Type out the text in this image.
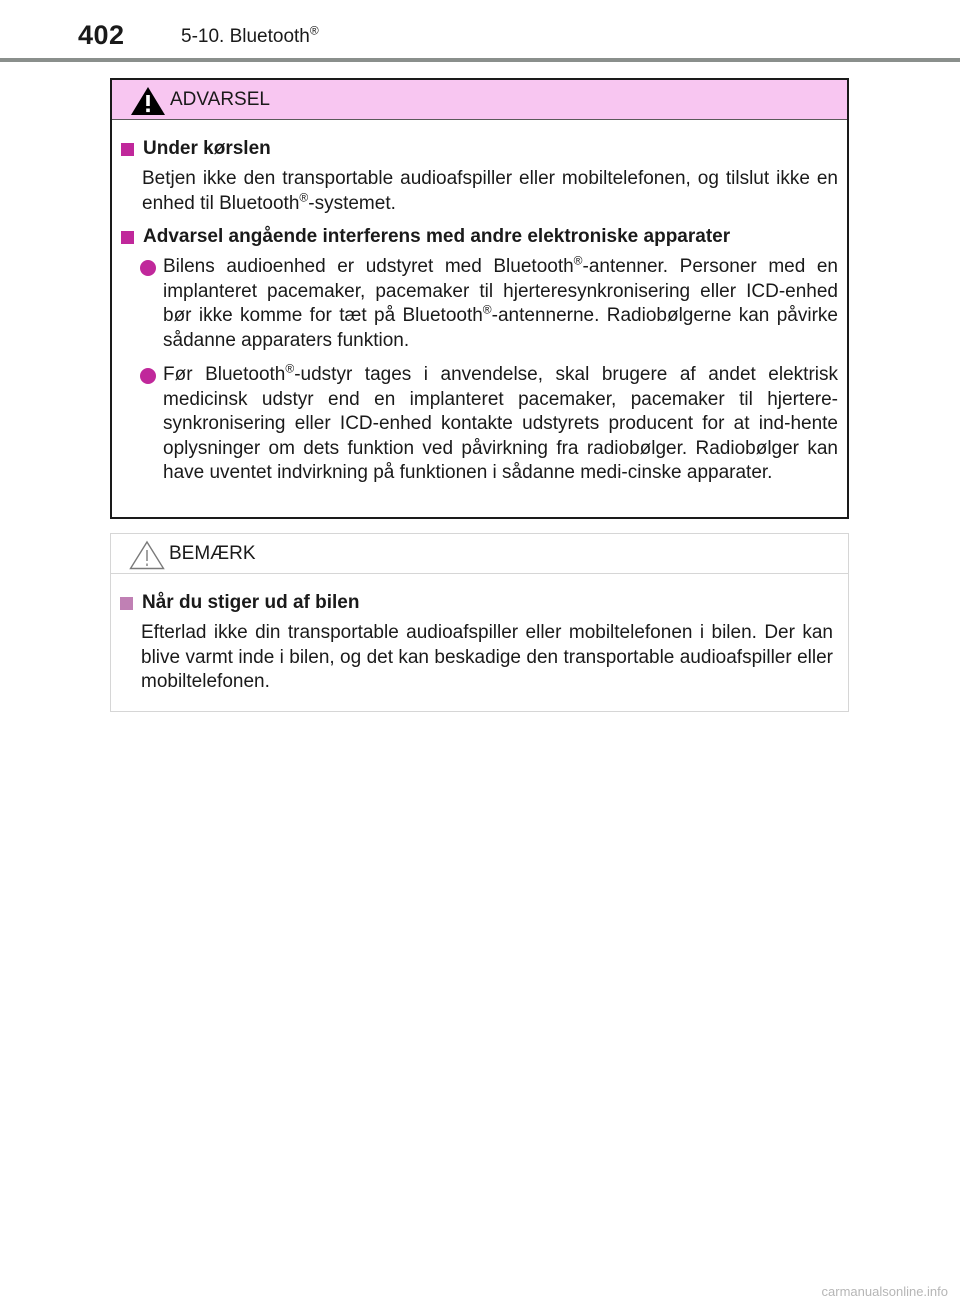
402	5-10. Bluetooth®
ADVARSEL
Under kørslen
Betjen ikke den transportable audioafspiller eller mobiltelefonen, og tilslut ikke en enhed til Bluetooth®-systemet.
Advarsel angående interferens med andre elektroniske apparater
Bilens audioenhed er udstyret med Bluetooth®-antenner. Personer med en implanteret pacemaker, pacemaker til hjerteresynkronisering eller ICD-enhed bør ikke komme for tæt på Bluetooth®-antennerne. Radiobølgerne kan påvirke sådanne apparaters funktion.
Før Bluetooth®-udstyr tages i anvendelse, skal brugere af andet elektrisk medicinsk udstyr end en implanteret pacemaker, pacemaker til hjertere-synkronisering eller ICD-enhed kontakte udstyrets producent for at ind-hente oplysninger om dets funktion ved påvirkning fra radiobølger. Radiobølger kan have uventet indvirkning på funktionen i sådanne medi-cinske apparater.
BEMÆRK
Når du stiger ud af bilen
Efterlad ikke din transportable audioafspiller eller mobiltelefonen i bilen. Der kan blive varmt inde i bilen, og det kan beskadige den transportable audioafspiller eller mobiltelefonen.
carmanualsonline.info
